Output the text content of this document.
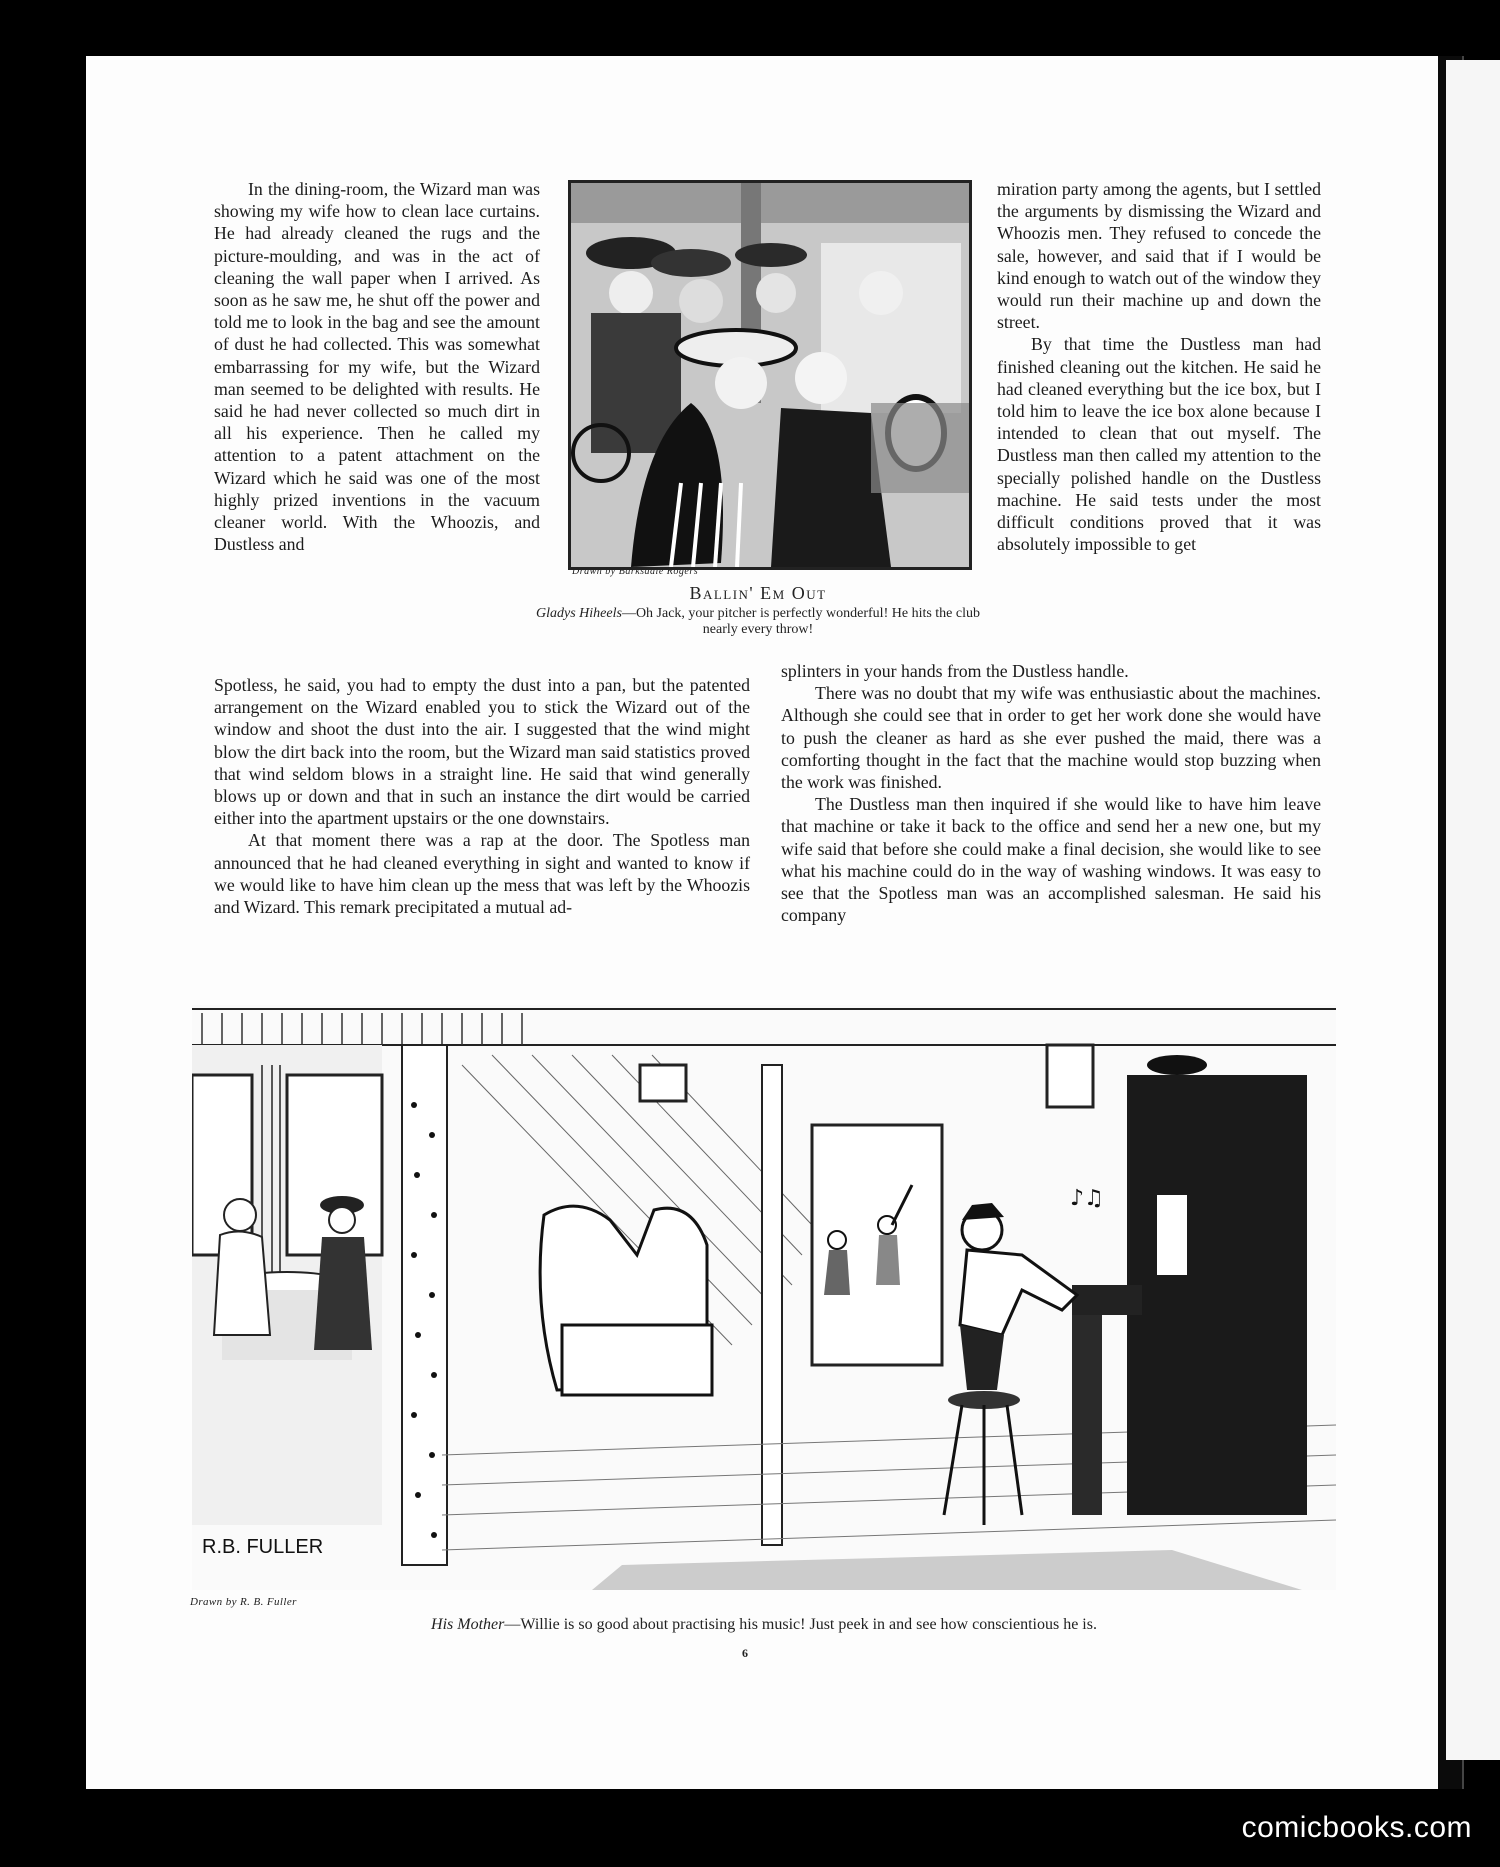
In the dining-room, the Wizard man was showing my wife how to clean lace curtains. He had already cleaned the rugs and the picture-moulding, and was in the act of cleaning the wall paper when I arrived. As soon as he saw me, he shut off the power and told me to look in the bag and see the amount of dust he had collected. This was somewhat embarrassing for my wife, but the Wizard man seemed to be delighted with results. He said he had never collected so much dirt in all his experience. Then he called my attention to a patent attachment on the Wizard which he said was one of the most highly prized inventions in the vacuum cleaner world. With the Whoozis, and Dustless and

miration party among the agents, but I settled the arguments by dismissing the Wizard and Whoozis men. They refused to concede the sale, however, and said that if I would be kind enough to watch out of the window they would run their machine up and down the street.

By that time the Dustless man had finished cleaning out the kitchen. He said he had cleaned everything but the ice box, but I told him to leave the ice box alone because I intended to clean that out myself. The Dustless man then called my attention to the specially polished handle on the Dustless machine. He said tests under the most difficult conditions proved that it was absolutely impossible to get

Drawn by Barksdale Rogers
Ballin' Em Out
Gladys Hiheels—Oh Jack, your pitcher is perfectly wonderful! He hits the club nearly every throw!

Spotless, he said, you had to empty the dust into a pan, but the patented arrangement on the Wizard enabled you to stick the Wizard out of the window and shoot the dust into the air. I suggested that the wind might blow the dirt back into the room, but the Wizard man said statistics proved that wind seldom blows in a straight line. He said that wind generally blows up or down and that in such an instance the dirt would be carried either into the apartment upstairs or the one downstairs.

At that moment there was a rap at the door. The Spotless man announced that he had cleaned everything in sight and wanted to know if we would like to have him clean up the mess that was left by the Whoozis and Wizard. This remark precipitated a mutual ad-

splinters in your hands from the Dustless handle.

There was no doubt that my wife was enthusiastic about the machines. Although she could see that in order to get her work done she would have to push the cleaner as hard as she ever pushed the maid, there was a comforting thought in the fact that the machine would stop buzzing when the work was finished.

The Dustless man then inquired if she would like to have him leave that machine or take it back to the office and send her a new one, but my wife said that before she could make a final decision, she would like to see what his machine could do in the way of washing windows. It was easy to see that the Spotless man was an accomplished salesman. He said his company

♪♫
R.B. FULLER
Drawn by R. B. Fuller
His Mother—Willie is so good about practising his music! Just peek in and see how conscientious he is.
6
comicbooks.com
